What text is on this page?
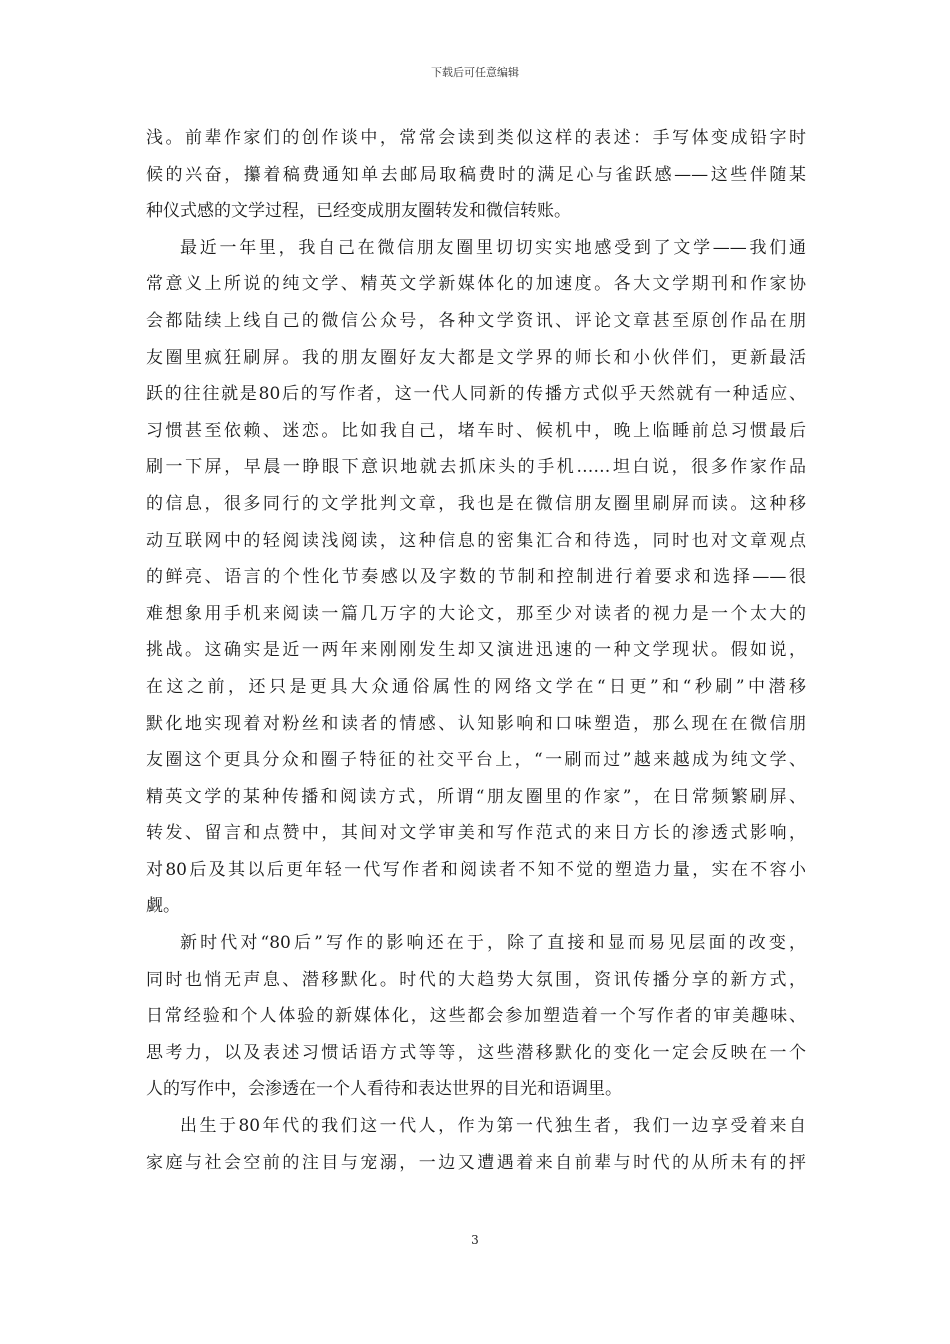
下载后可任意编辑
浅。前辈作家们的创作谈中，常常会读到类似这样的表述：手写体变成铅字时
候的兴奋，攥着稿费通知单去邮局取稿费时的满足心与雀跃感——这些伴随某
种仪式感的文学过程，已经变成朋友圈转发和微信转账。
最近一年里，我自己在微信朋友圈里切切实实地感受到了文学——我们通
常意义上所说的纯文学、精英文学新媒体化的加速度。各大文学期刊和作家协
会都陆续上线自己的微信公众号，各种文学资讯、评论文章甚至原创作品在朋
友圈里疯狂刷屏。我的朋友圈好友大都是文学界的师长和小伙伴们，更新最活
跃的往往就是80后的写作者，这一代人同新的传播方式似乎天然就有一种适应、
习惯甚至依赖、迷恋。比如我自己，堵车时、候机中，晚上临睡前总习惯最后
刷一下屏，早晨一睁眼下意识地就去抓床头的手机……坦白说，很多作家作品
的信息，很多同行的文学批判文章，我也是在微信朋友圈里刷屏而读。这种移
动互联网中的轻阅读浅阅读，这种信息的密集汇合和待选，同时也对文章观点
的鲜亮、语言的个性化节奏感以及字数的节制和控制进行着要求和选择——很
难想象用手机来阅读一篇几万字的大论文，那至少对读者的视力是一个太大的
挑战。这确实是近一两年来刚刚发生却又演进迅速的一种文学现状。假如说，
在这之前，还只是更具大众通俗属性的网络文学在“日更”和“秒刷”中潜移
默化地实现着对粉丝和读者的情感、认知影响和口味塑造，那么现在在微信朋
友圈这个更具分众和圈子特征的社交平台上，“一刷而过”越来越成为纯文学、
精英文学的某种传播和阅读方式，所谓“朋友圈里的作家”，在日常频繁刷屏、
转发、留言和点赞中，其间对文学审美和写作范式的来日方长的渗透式影响，
对80后及其以后更年轻一代写作者和阅读者不知不觉的塑造力量，实在不容小
觑。
新时代对“80后”写作的影响还在于，除了直接和显而易见层面的改变，
同时也悄无声息、潜移默化。时代的大趋势大氛围，资讯传播分享的新方式，
日常经验和个人体验的新媒体化，这些都会参加塑造着一个写作者的审美趣味、
思考力，以及表述习惯话语方式等等，这些潜移默化的变化一定会反映在一个
人的写作中，会渗透在一个人看待和表达世界的目光和语调里。
出生于80年代的我们这一代人，作为第一代独生者，我们一边享受着来自
家庭与社会空前的注目与宠溺，一边又遭遇着来自前辈与时代的从所未有的抨
3
